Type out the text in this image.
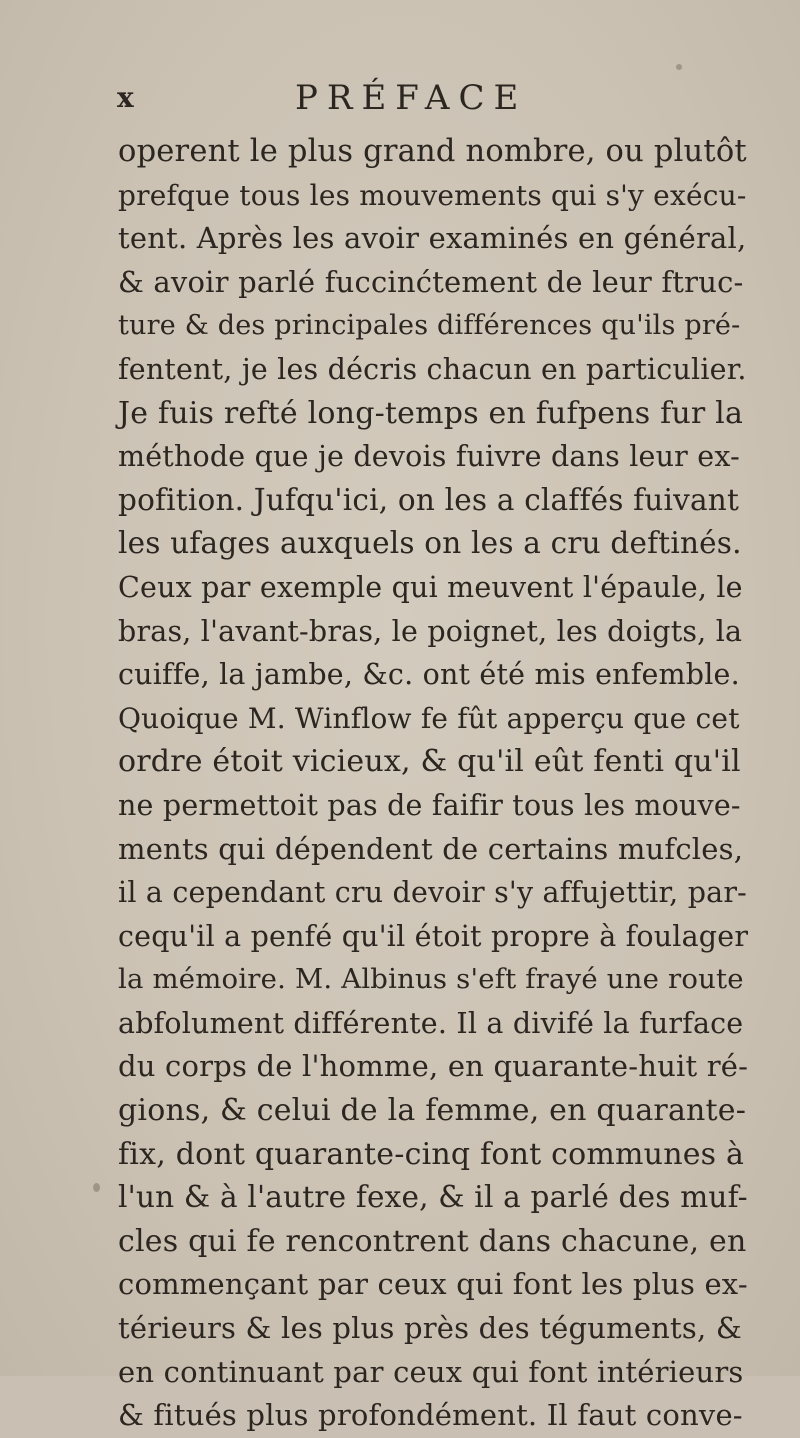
x	PRÉFACE
operent le plus grand nombre, ou plutôt
prefque tous les mouvements qui s'y exécu-
tent. Après les avoir examinés en général,
& avoir parlé fuccinćtement de leur ftruc-
ture & des principales différences qu'ils pré-
fentent, je les décris chacun en particulier.
Je fuis refté long-temps en fufpens fur la
méthode que je devois fuivre dans leur ex-
pofition. Jufqu'ici, on les a claffés fuivant
les ufages auxquels on les a cru deftinés.
Ceux par exemple qui meuvent l'épaule, le
bras, l'avant-bras, le poignet, les doigts, la
cuiffe, la jambe, &c. ont été mis enfemble.
Quoique M. Winflow fe fût apperçu que cet
ordre étoit vicieux, & qu'il eût fenti qu'il
ne permettoit pas de faifir tous les mouve-
ments qui dépendent de certains mufcles,
il a cependant cru devoir s'y affujettir, par-
cequ'il a penfé qu'il étoit propre à foulager
la mémoire. M. Albinus s'eft frayé une route
abfolument différente. Il a divifé la furface
du corps de l'homme, en quarante-huit ré-
gions, & celui de la femme, en quarante-
fix, dont quarante-cinq font communes à
l'un & à l'autre fexe, & il a parlé des muf-
cles qui fe rencontrent dans chacune, en
commençant par ceux qui font les plus ex-
térieurs & les plus près des téguments, &
en continuant par ceux qui font intérieurs
& fitués plus profondément. Il faut conve-
